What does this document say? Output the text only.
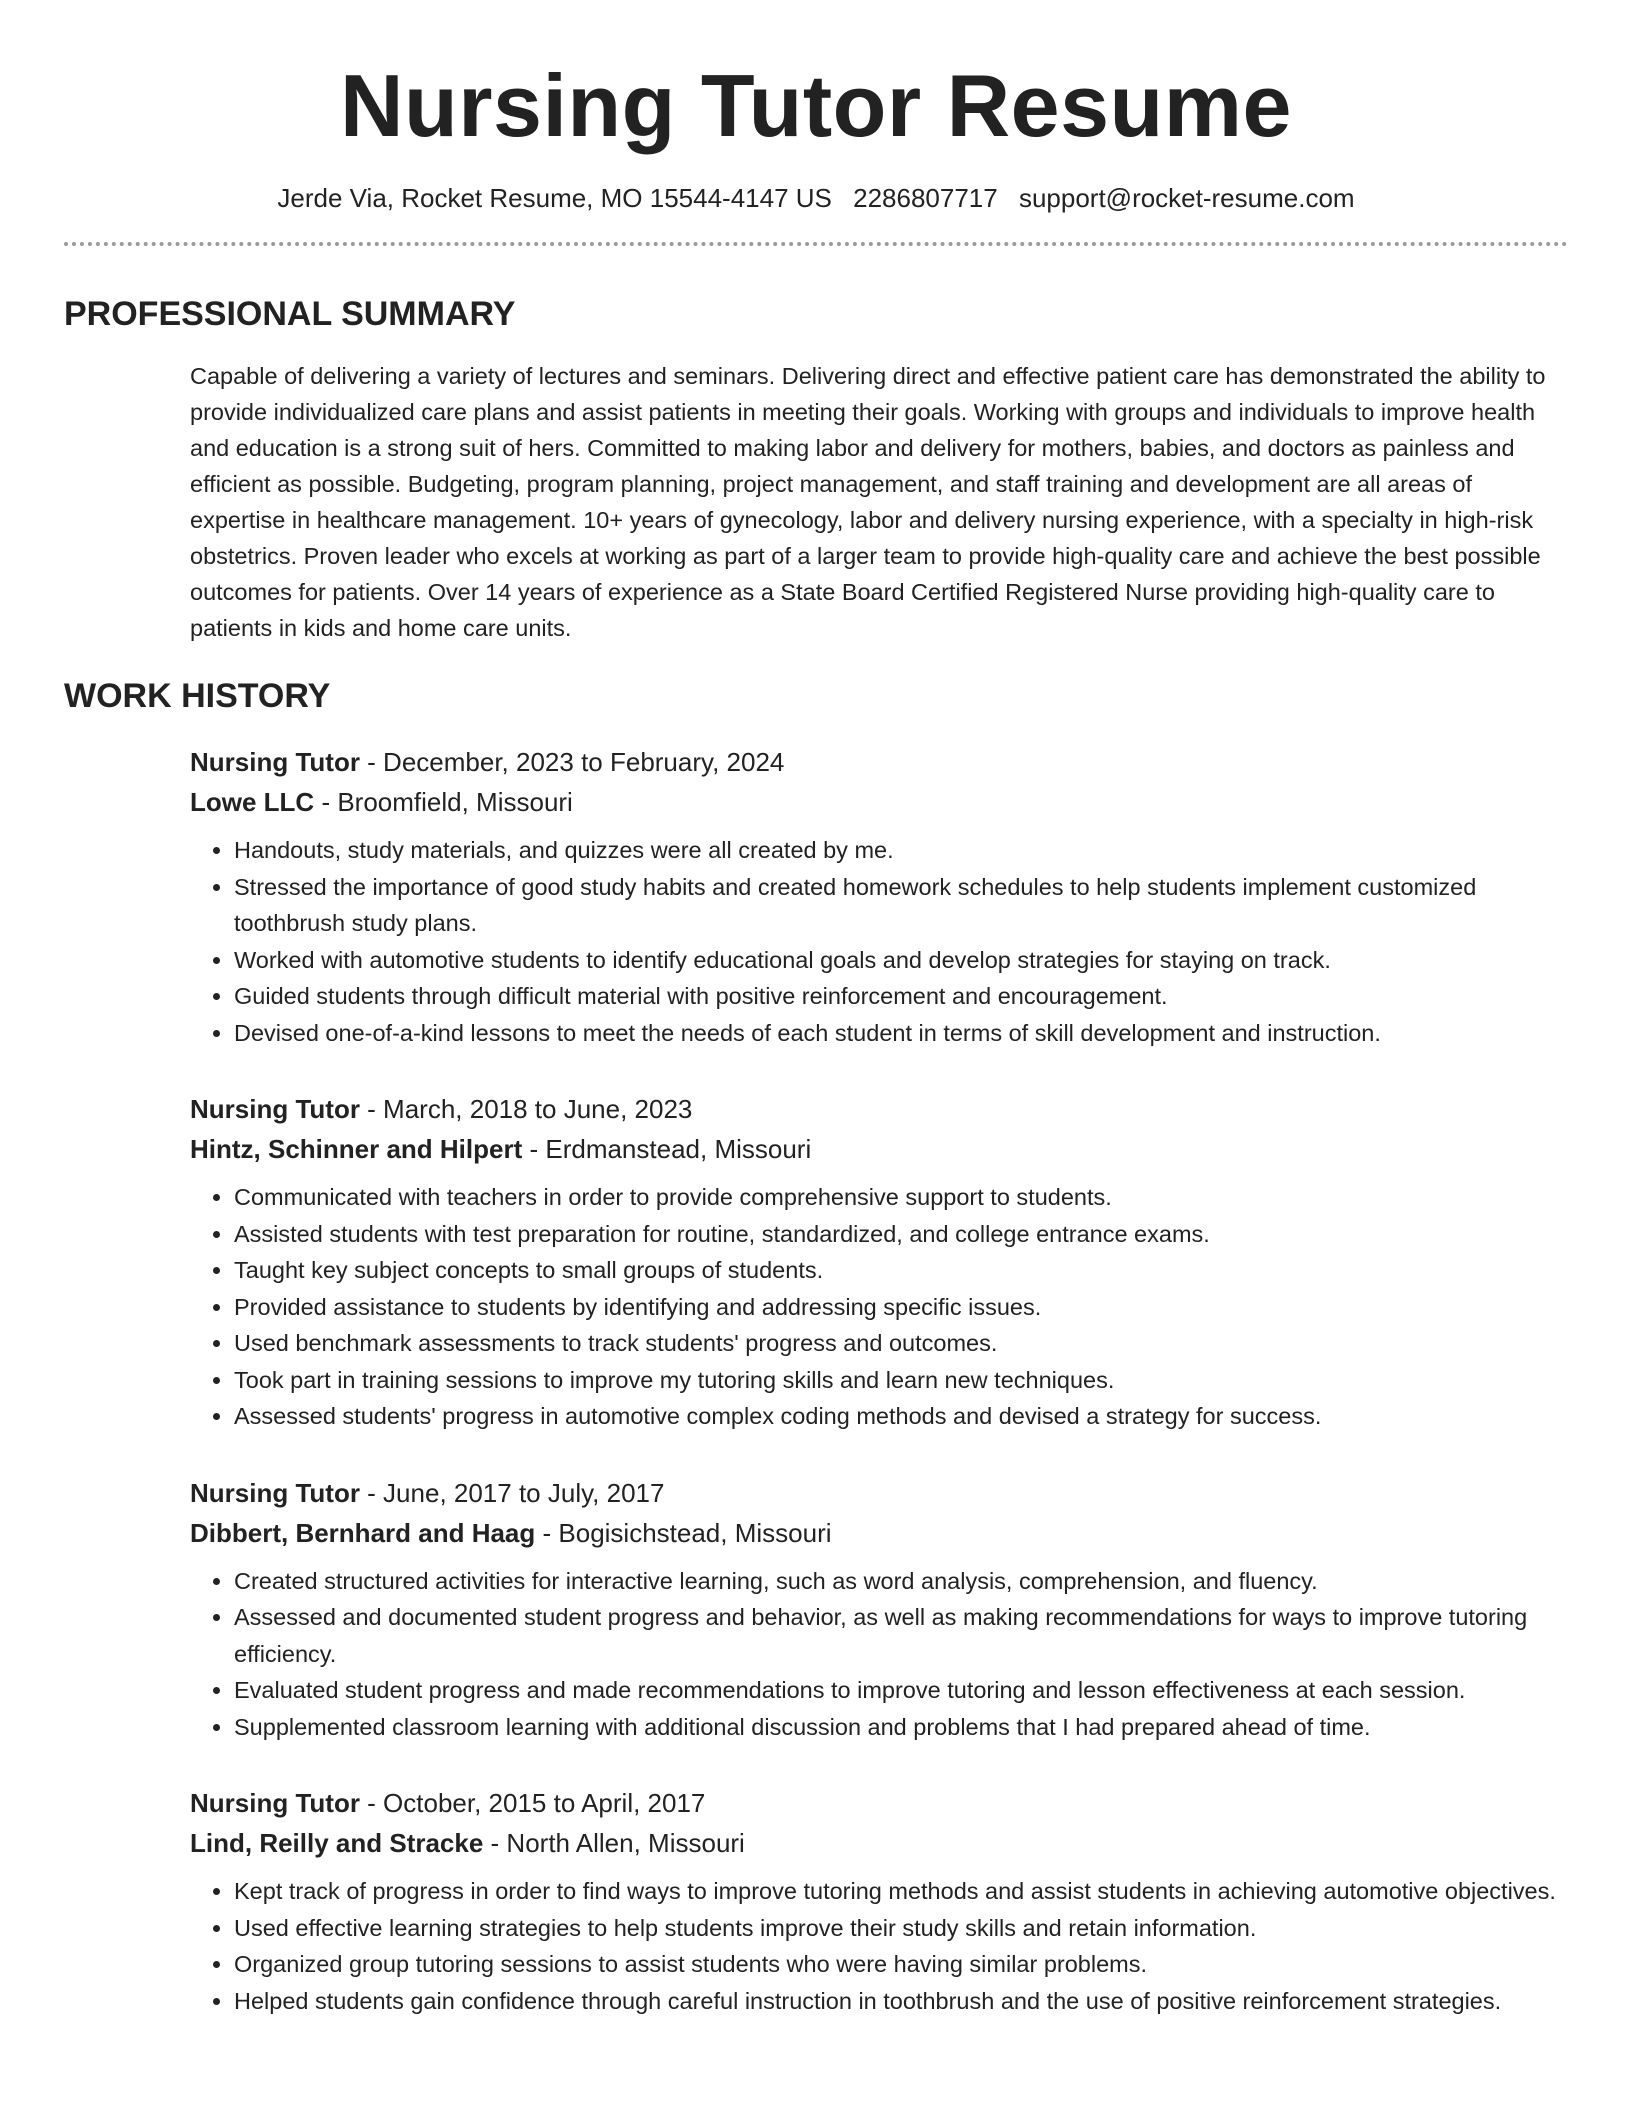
Nursing Tutor Resume
Jerde Via, Rocket Resume, MO 15544-4147 US 2286807717 support@rocket-resume.com
PROFESSIONAL SUMMARY

Capable of delivering a variety of lectures and seminars. Delivering direct and effective patient care has demonstrated the ability to provide individualized care plans and assist patients in meeting their goals. Working with groups and individuals to improve health and education is a strong suit of hers. Committed to making labor and delivery for mothers, babies, and doctors as painless and efficient as possible. Budgeting, program planning, project management, and staff training and development are all areas of expertise in healthcare management. 10+ years of gynecology, labor and delivery nursing experience, with a specialty in high-risk obstetrics. Proven leader who excels at working as part of a larger team to provide high-quality care and achieve the best possible outcomes for patients. Over 14 years of experience as a State Board Certified Registered Nurse providing high-quality care to patients in kids and home care units.

WORK HISTORY
Nursing Tutor - December, 2023 to February, 2024
Lowe LLC - Broomfield, Missouri
• Handouts, study materials, and quizzes were all created by me.
• Stressed the importance of good study habits and created homework schedules to help students implement customized toothbrush study plans.
• Worked with automotive students to identify educational goals and develop strategies for staying on track.
• Guided students through difficult material with positive reinforcement and encouragement.
• Devised one-of-a-kind lessons to meet the needs of each student in terms of skill development and instruction.
Nursing Tutor - March, 2018 to June, 2023
Hintz, Schinner and Hilpert - Erdmanstead, Missouri
• Communicated with teachers in order to provide comprehensive support to students.
• Assisted students with test preparation for routine, standardized, and college entrance exams.
• Taught key subject concepts to small groups of students.
• Provided assistance to students by identifying and addressing specific issues.
• Used benchmark assessments to track students' progress and outcomes.
• Took part in training sessions to improve my tutoring skills and learn new techniques.
• Assessed students' progress in automotive complex coding methods and devised a strategy for success.
Nursing Tutor - June, 2017 to July, 2017
Dibbert, Bernhard and Haag - Bogisichstead, Missouri
• Created structured activities for interactive learning, such as word analysis, comprehension, and fluency.
• Assessed and documented student progress and behavior, as well as making recommendations for ways to improve tutoring efficiency.
• Evaluated student progress and made recommendations to improve tutoring and lesson effectiveness at each session.
• Supplemented classroom learning with additional discussion and problems that I had prepared ahead of time.
Nursing Tutor - October, 2015 to April, 2017
Lind, Reilly and Stracke - North Allen, Missouri
• Kept track of progress in order to find ways to improve tutoring methods and assist students in achieving automotive objectives.
• Used effective learning strategies to help students improve their study skills and retain information.
• Organized group tutoring sessions to assist students who were having similar problems.
• Helped students gain confidence through careful instruction in toothbrush and the use of positive reinforcement strategies.
